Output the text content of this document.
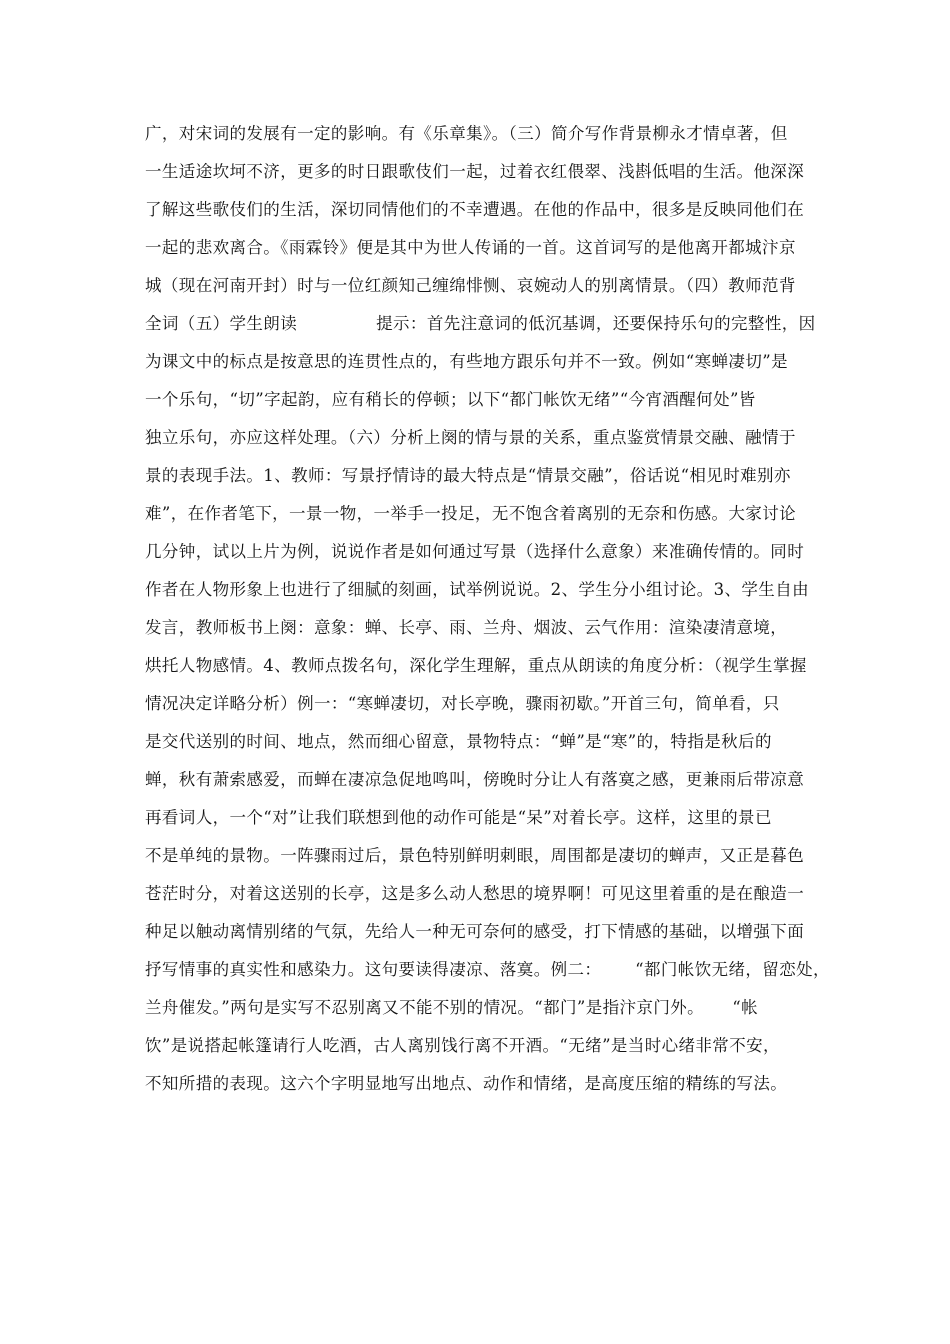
广，对宋词的发展有一定的影响。有《乐章集》。（三）简介写作背景柳永才情卓著，但
一生适途坎坷不济，更多的时日跟歌伎们一起，过着衣红偎翠、浅斟低唱的生活。他深深
了解这些歌伎们的生活，深切同情他们的不幸遭遇。在他的作品中，很多是反映同他们在
一起的悲欢离合。《雨霖铃》便是其中为世人传诵的一首。这首词写的是他离开都城汴京
城（现在河南开封）时与一位红颜知己缠绵悱恻、哀婉动人的别离情景。（四）教师范背
全词（五）学生朗读              提示：首先注意词的低沉基调，还要保持乐句的完整性，因
为课文中的标点是按意思的连贯性点的，有些地方跟乐句并不一致。例如“寒蝉凄切”是
一个乐句，“切”字起韵，应有稍长的停顿；以下“都门帐饮无绪”“今宵酒醒何处”皆
独立乐句，亦应这样处理。（六）分析上阕的情与景的关系，重点鉴赏情景交融、融情于
景的表现手法。1、教师：写景抒情诗的最大特点是“情景交融”，俗话说“相见时难别亦
难”，在作者笔下，一景一物，一举手一投足，无不饱含着离别的无奈和伤感。大家讨论
几分钟，试以上片为例，说说作者是如何通过写景（选择什么意象）来准确传情的。同时
作者在人物形象上也进行了细腻的刻画，试举例说说。2、学生分小组讨论。3、学生自由
发言，教师板书上阕：意象：蝉、长亭、雨、兰舟、烟波、云气作用：渲染凄清意境，
烘托人物感情。4、教师点拨名句，深化学生理解，重点从朗读的角度分析：（视学生掌握
情况决定详略分析）例一：“寒蝉凄切，对长亭晚，骤雨初歇。”开首三句，简单看，只
是交代送别的时间、地点，然而细心留意，景物特点：“蝉”是“寒”的，特指是秋后的
蝉，秋有萧索感爱，而蝉在凄凉急促地鸣叫，傍晚时分让人有落寞之感，更兼雨后带凉意
再看词人，一个“对”让我们联想到他的动作可能是“呆”对着长亭。这样，这里的景已
不是单纯的景物。一阵骤雨过后，景色特别鲜明刺眼，周围都是凄切的蝉声，又正是暮色
苍茫时分，对着这送别的长亭，这是多么动人愁思的境界啊！可见这里着重的是在酿造一
种足以触动离情别绪的气氛，先给人一种无可奈何的感受，打下情感的基础，以增强下面
抒写情事的真实性和感染力。这句要读得凄凉、落寞。例二：      “都门帐饮无绪，留恋处，
兰舟催发。”两句是实写不忍别离又不能不别的情况。“都门”是指汴京门外。     “帐
饮”是说搭起帐篷请行人吃酒，古人离别饯行离不开酒。“无绪”是当时心绪非常不安，
不知所措的表现。这六个字明显地写出地点、动作和情绪，是高度压缩的精练的写法。
